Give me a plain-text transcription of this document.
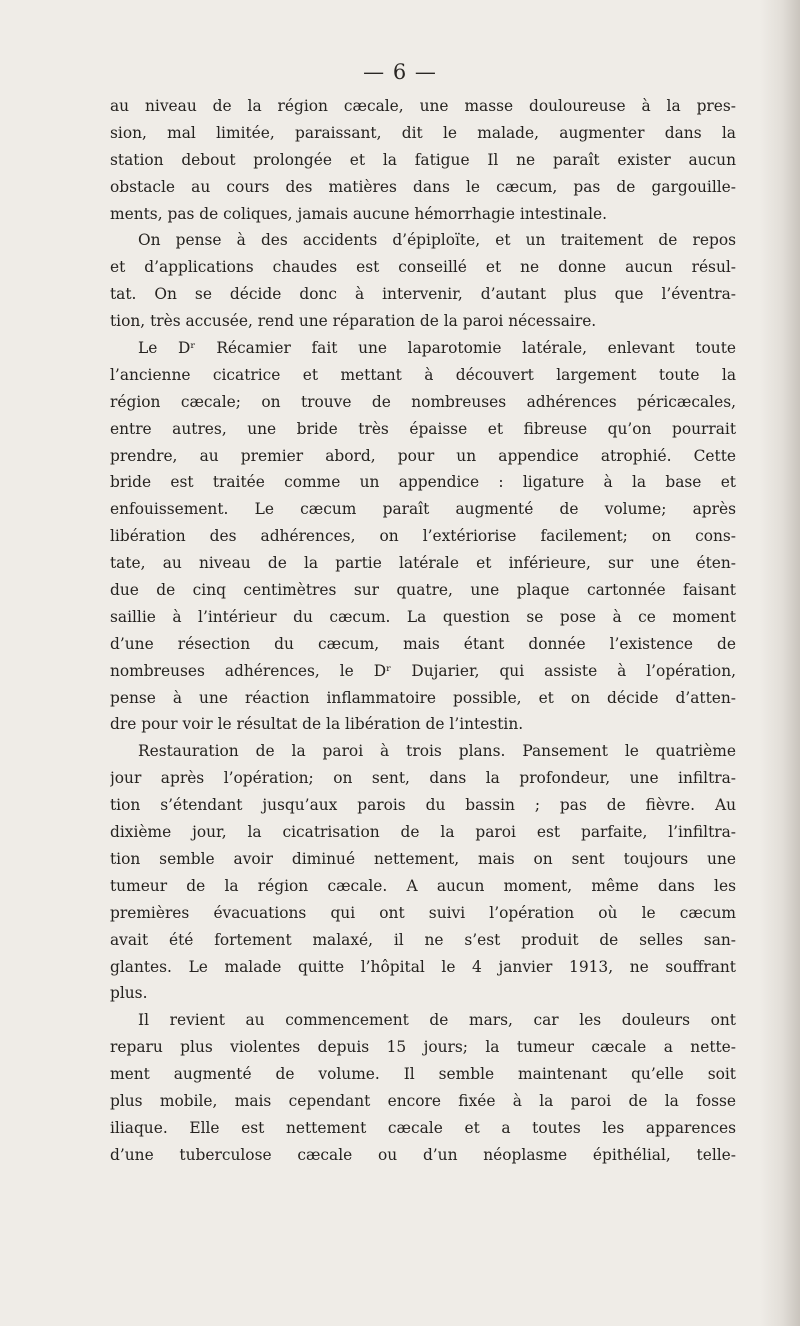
— 6 —
au niveau de la région cæcale, une masse douloureuse à la pres-
sion, mal limitée, paraissant, dit le malade, augmenter dans la
station debout prolongée et la fatigue Il ne paraît exister aucun
obstacle au cours des matières dans le cæcum, pas de gargouille-
ments, pas de coliques, jamais aucune hémorrhagie intestinale.
On pense à des accidents d’épiploïte, et un traitement de repos
et d’applications chaudes est conseillé et ne donne aucun résul-
tat. On se décide donc à intervenir, d’autant plus que l’éventra-
tion, très accusée, rend une réparation de la paroi nécessaire.
Le Dʳ Récamier fait une laparotomie latérale, enlevant toute
l’ancienne cicatrice et mettant à découvert largement toute la
région cæcale; on trouve de nombreuses adhérences péricæcales,
entre autres, une bride très épaisse et fibreuse qu’on pourrait
prendre, au premier abord, pour un appendice atrophié. Cette
bride est traitée comme un appendice : ligature à la base et
enfouissement. Le cæcum paraît augmenté de volume; après
libération des adhérences, on l’extériorise facilement; on cons-
tate, au niveau de la partie latérale et inférieure, sur une éten-
due de cinq centimètres sur quatre, une plaque cartonnée faisant
saillie à l’intérieur du cæcum. La question se pose à ce moment
d’une résection du cæcum, mais étant donnée l’existence de
nombreuses adhérences, le Dʳ Dujarier, qui assiste à l’opération,
pense à une réaction inflammatoire possible, et on décide d’atten-
dre pour voir le résultat de la libération de l’intestin.
Restauration de la paroi à trois plans. Pansement le quatrième
jour après l’opération; on sent, dans la profondeur, une infiltra-
tion s’étendant jusqu’aux parois du bassin ; pas de fièvre. Au
dixième jour, la cicatrisation de la paroi est parfaite, l’infiltra-
tion semble avoir diminué nettement, mais on sent toujours une
tumeur de la région cæcale. A aucun moment, même dans les
premières évacuations qui ont suivi l’opération où le cæcum
avait été fortement malaxé, il ne s’est produit de selles san-
glantes. Le malade quitte l’hôpital le 4 janvier 1913, ne souffrant
plus.
Il revient au commencement de mars, car les douleurs ont
reparu plus violentes depuis 15 jours; la tumeur cæcale a nette-
ment augmenté de volume. Il semble maintenant qu’elle soit
plus mobile, mais cependant encore fixée à la paroi de la fosse
iliaque. Elle est nettement cæcale et a toutes les apparences
d’une tuberculose cæcale ou d’un néoplasme épithélial, telle-
